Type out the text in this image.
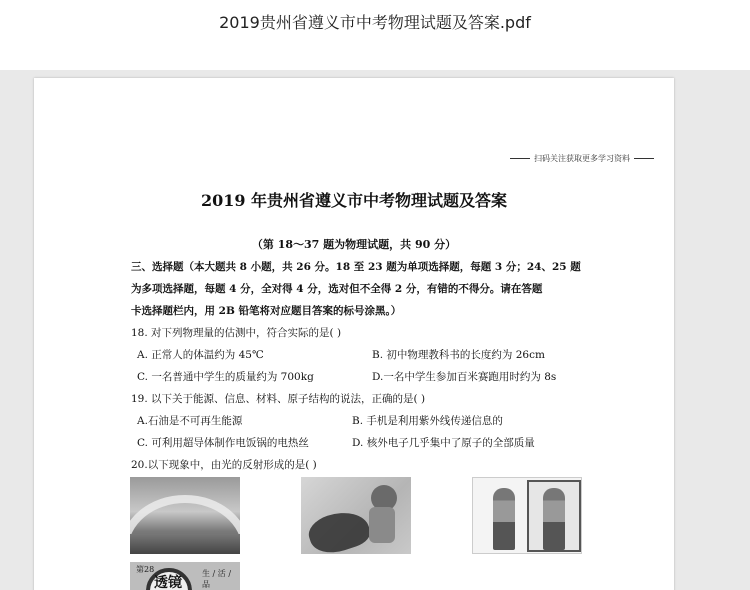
2019贵州省遵义市中考物理试题及答案.pdf
扫码关注获取更多学习资料
2019 年贵州省遵义市中考物理试题及答案
（第 18～37 题为物理试题，共 90 分）
三、选择题（本大题共 8 小题，共 26 分。18 至 23 题为单项选择题，每题 3 分；24、25 题
为多项选择题，每题 4 分，全对得 4 分，选对但不全得 2 分，有错的不得分。请在答题
卡选择题栏内，用 2B 铅笔将对应题目答案的标号涂黑。）
18. 对下列物理量的估测中，符合实际的是( )
A. 正常人的体温约为 45℃	B. 初中物理教科书的长度约为 26cm
C. 一名普通中学生的质量约为 700kg	D.一名中学生参加百米赛跑用时约为 8s
19. 以下关于能源、信息、材料、原子结构的说法，正确的是( )
A.石油是不可再生能源	B. 手机是利用紫外线传递信息的
C. 可利用超导体制作电饭锅的电热丝	D. 核外电子几乎集中了原子的全部质量
20.以下现象中，由光的反射形成的是( )
第28
透镜
生 / 活 / 品
